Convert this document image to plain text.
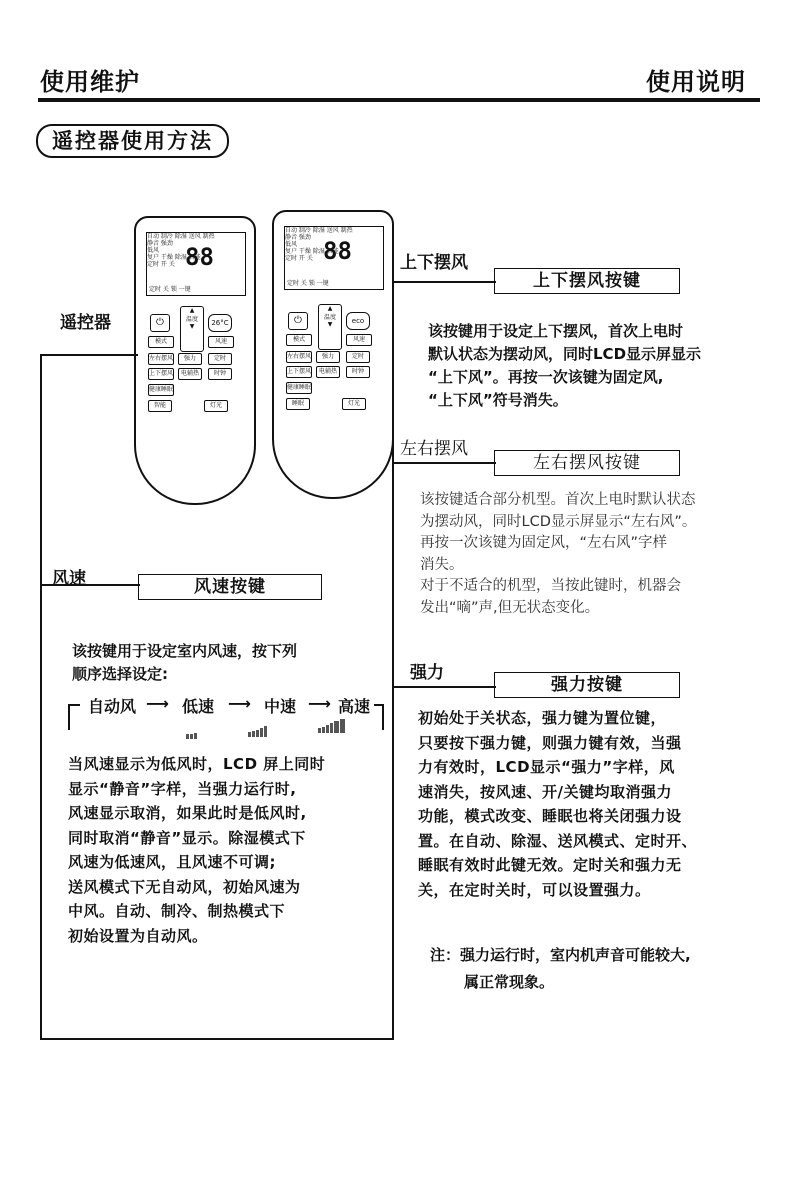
使用维护	使用说明
遥控器使用方法
遥控器
自动 制冷 除湿 送风 制热
静音 强劲
低风
复户 干燥 除湿 智能
定时 开 关 88
定时 关 锁 一键
⏻
▲
温度
▼	26°C
模式	风速
左右摆风	强力	定时
上下摆风	电辅热	时钟
健康睡眠
智能	灯光
自动 制冷 除湿 送风 制热
静音 强劲
低风
复户 干燥 除湿 智能
定时 开 关 88
定时 关 锁 一键
⏻
▲
温度
▼	eco
模式	风速
左右摆风	强力	定时
上下摆风	电辅热	时钟
健康睡眠
睡眠	灯光
上下摆风
上下摆风按键
该按键用于设定上下摆风，首次上电时
默认状态为摆动风，同时LCD显示屏显示
“上下风”。再按一次该键为固定风,
“上下风”符号消失。
左右摆风
左右摆风按键
该按键适合部分机型。首次上电时默认状态
为摆动风，同时LCD显示屏显示“左右风”。
再按一次该键为固定风，“左右风”字样
消失。
对于不适合的机型，当按此键时，机器会
发出“嘀”声,但无状态变化。
风速	风速按键
该按键用于设定室内风速，按下列
顺序选择设定:
自动风 ⟶ 低速 ⟶ 中速 ⟶ 高速
当风速显示为低风时，LCD 屏上同时
显示“静音”字样，当强力运行时,
风速显示取消，如果此时是低风时,
同时取消“静音”显示。除湿模式下
风速为低速风，且风速不可调;
送风模式下无自动风，初始风速为
中风。自动、制冷、制热模式下
初始设置为自动风。
强力
强力按键
初始处于关状态，强力键为置位键，
只要按下强力键，则强力键有效，当强
力有效时，LCD显示“强力”字样，风
速消失，按风速、开/关键均取消强力
功能，模式改变、睡眠也将关闭强力设
置。在自动、除湿、送风模式、定时开、
睡眠有效时此键无效。定时关和强力无
关，在定时关时，可以设置强力。
注：强力运行时，室内机声音可能较大,
属正常现象。
